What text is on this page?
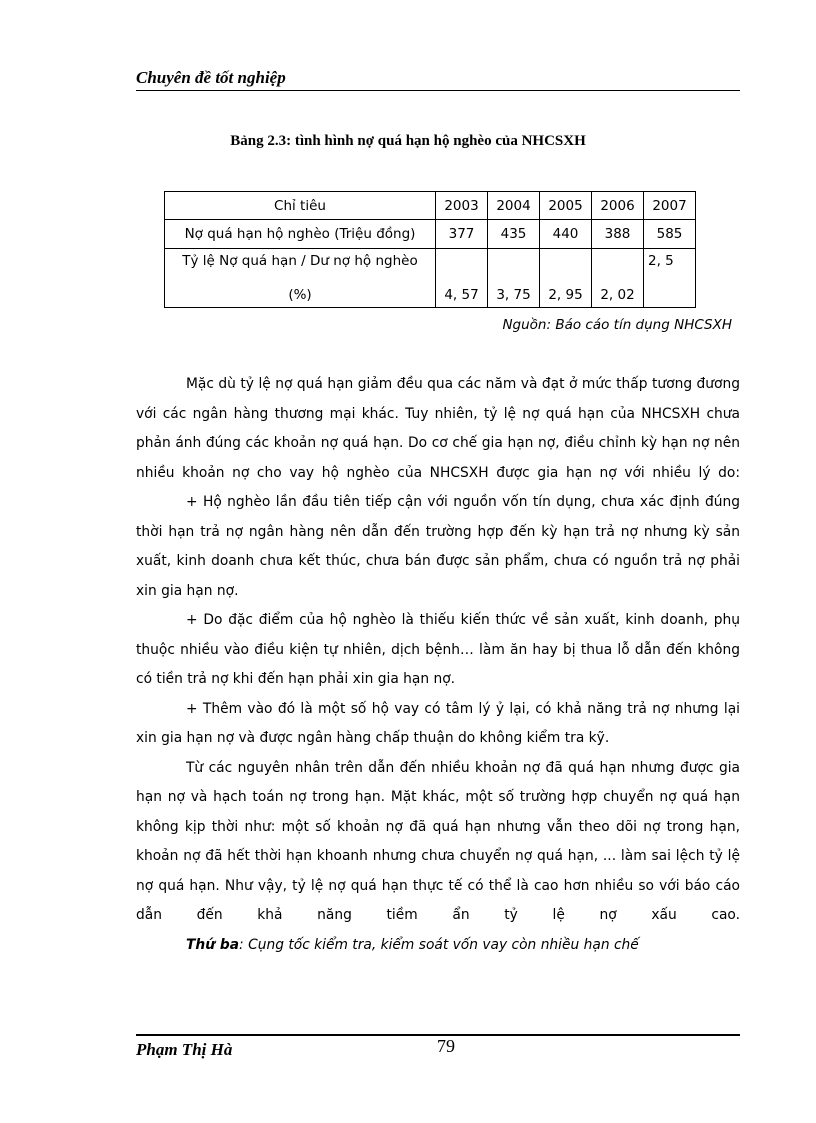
Chuyên đề tốt nghiệp
Bảng 2.3: tình hình nợ quá hạn hộ nghèo của NHCSXH
Chỉ tiêu	2003	2004	2005	2006	2007
Nợ quá hạn hộ nghèo (Triệu đồng)	377	435	440	388	585

Tỷ lệ Nợ quá hạn / Dư nợ hộ nghèo
(%)	4, 57	3, 75	2, 95	2, 02	2, 5
Nguồn: Báo cáo tín dụng NHCSXH

Mặc dù tỷ lệ nợ quá hạn giảm đều qua các năm và đạt ở mức thấp tương đương với các ngân hàng thương mại khác. Tuy nhiên, tỷ lệ nợ quá hạn của NHCSXH chưa phản ánh đúng các khoản nợ quá hạn. Do cơ chế gia hạn nợ, điều chỉnh kỳ hạn nợ nên nhiều khoản nợ cho vay hộ nghèo của NHCSXH được gia hạn nợ với nhiều lý do:

+ Hộ nghèo lần đầu tiên tiếp cận với nguồn vốn tín dụng, chưa xác định đúng thời hạn trả nợ ngân hàng nên dẫn đến trường hợp đến kỳ hạn trả nợ nhưng kỳ sản xuất, kinh doanh chưa kết thúc, chưa bán được sản phẩm, chưa có nguồn trả nợ phải xin gia hạn nợ.

+ Do đặc điểm của hộ nghèo là thiếu kiến thức về sản xuất, kinh doanh, phụ thuộc nhiều vào điều kiện tự nhiên, dịch bệnh… làm ăn hay bị thua lỗ dẫn đến không có tiền trả nợ khi đến hạn phải xin gia hạn nợ.

+ Thêm vào đó là một số hộ vay có tâm lý ỷ lại, có khả năng trả nợ nhưng lại xin gia hạn nợ và được ngân hàng chấp thuận do không kiểm tra kỹ.

Từ các nguyên nhân trên dẫn đến nhiều khoản nợ đã quá hạn nhưng được gia hạn nợ và hạch toán nợ trong hạn. Mặt khác, một số trường hợp chuyển nợ quá hạn không kịp thời như: một số khoản nợ đã quá hạn nhưng vẫn theo dõi nợ trong hạn, khoản nợ đã hết thời hạn khoanh nhưng chưa chuyển nợ quá hạn, ... làm sai lệch tỷ lệ nợ quá hạn. Như vậy, tỷ lệ nợ quá hạn thực tế có thể là cao hơn nhiều so với báo cáo dẫn đến khả năng tiềm ẩn tỷ lệ nợ xấu cao.

Thứ ba: Cụng tốc kiểm tra, kiểm soát vốn vay còn nhiều hạn chế

Phạm Thị Hà	79
